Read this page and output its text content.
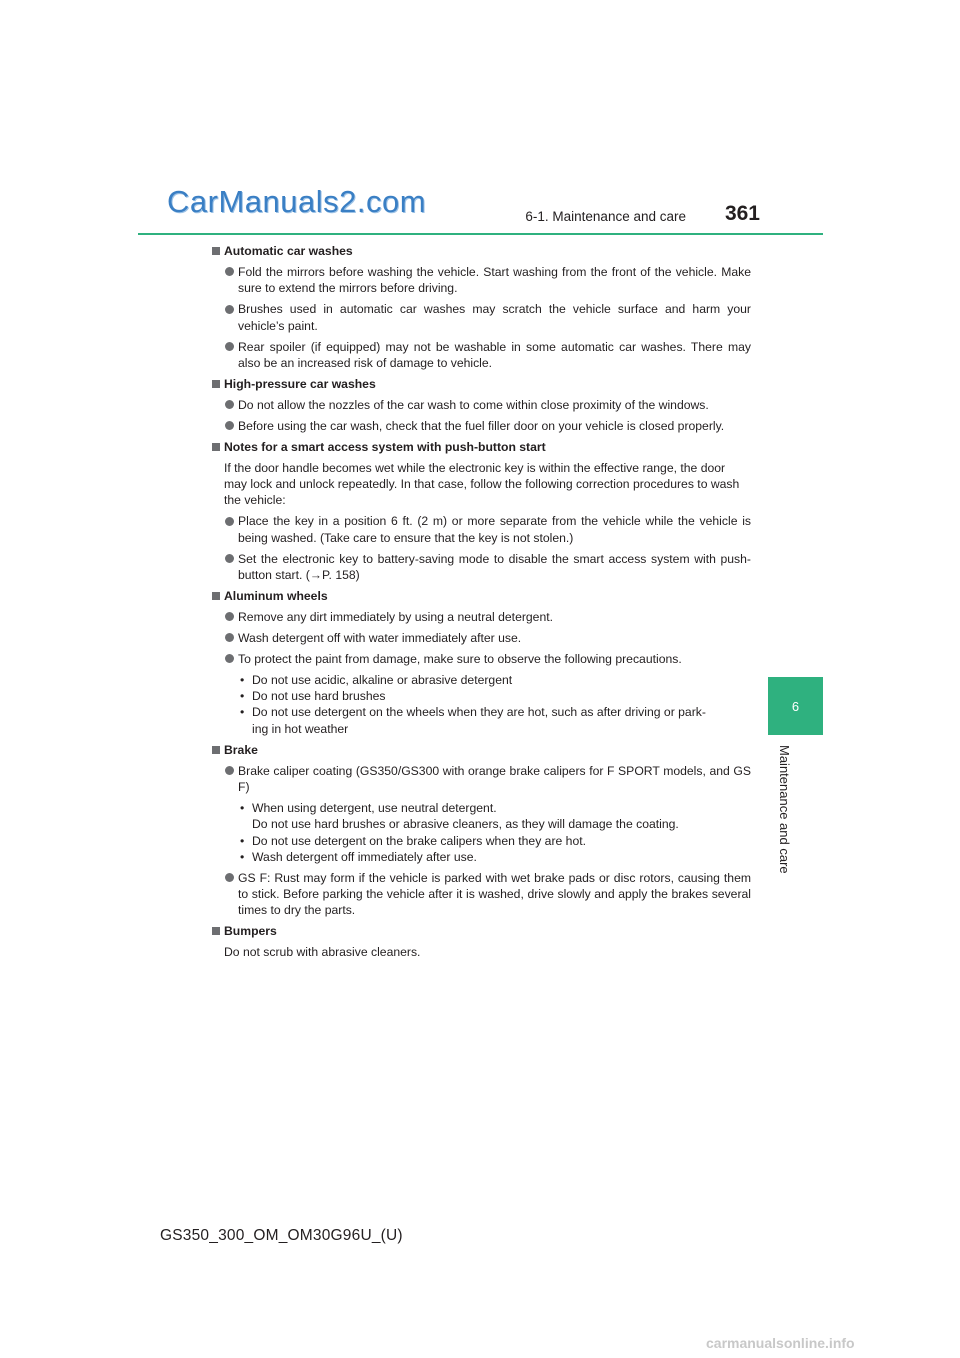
CarManuals2.com	6-1. Maintenance and care	361
6
Maintenance and care
Automatic car washes
Fold the mirrors before washing the vehicle. Start washing from the front of the vehicle. Make sure to extend the mirrors before driving.
Brushes used in automatic car washes may scratch the vehicle surface and harm your vehicle’s paint.
Rear spoiler (if equipped) may not be washable in some automatic car washes. There may also be an increased risk of damage to vehicle.
High-pressure car washes
Do not allow the nozzles of the car wash to come within close proximity of the windows.
Before using the car wash, check that the fuel filler door on your vehicle is closed properly.
Notes for a smart access system with push-button start
If the door handle becomes wet while the electronic key is within the effective range, the door may lock and unlock repeatedly. In that case, follow the following correction procedures to wash the vehicle:
Place the key in a position 6 ft. (2 m) or more separate from the vehicle while the vehicle is being washed. (Take care to ensure that the key is not stolen.)
Set the electronic key to battery-saving mode to disable the smart access system with push-button start. (→P. 158)
Aluminum wheels
Remove any dirt immediately by using a neutral detergent.
Wash detergent off with water immediately after use.
To protect the paint from damage, make sure to observe the following precautions.
• Do not use acidic, alkaline or abrasive detergent
• Do not use hard brushes
• Do not use detergent on the wheels when they are hot, such as after driving or park-
ing in hot weather
Brake
Brake caliper coating (GS350/GS300 with orange brake calipers for F SPORT models, and GS F)
• When using detergent, use neutral detergent.
Do not use hard brushes or abrasive cleaners, as they will damage the coating.
• Do not use detergent on the brake calipers when they are hot.
• Wash detergent off immediately after use.
GS F: Rust may form if the vehicle is parked with wet brake pads or disc rotors, causing them to stick. Before parking the vehicle after it is washed, drive slowly and apply the brakes several times to dry the parts.
Bumpers
Do not scrub with abrasive cleaners.
GS350_300_OM_OM30G96U_(U)
carmanualsonline.info
